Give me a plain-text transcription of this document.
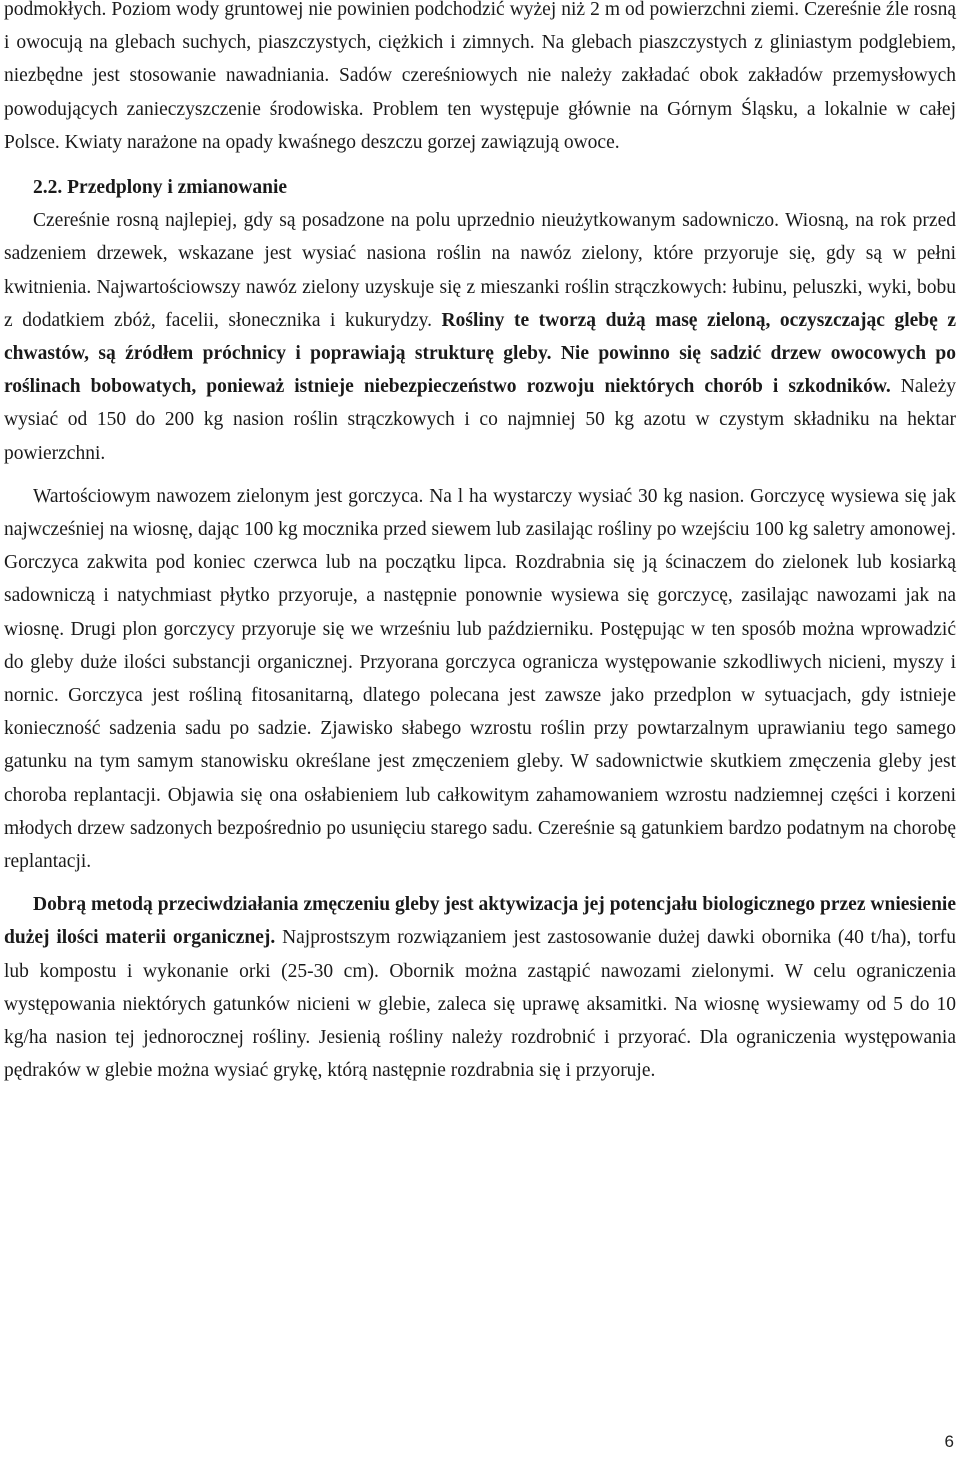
podmokłych. Poziom wody gruntowej nie powinien podchodzić wyżej niż 2 m od powierzchni ziemi. Czereśnie źle rosną i owocują na glebach suchych, piaszczystych, ciężkich i zimnych. Na glebach piaszczystych z gliniastym podglebiem, niezbędne jest stosowanie nawadniania. Sadów czereśniowych nie należy zakładać obok zakładów przemysłowych powodujących zanieczyszczenie środowiska. Problem ten występuje głównie na Górnym Śląsku, a lokalnie w całej Polsce. Kwiaty narażone na opady kwaśnego deszczu gorzej zawiązują owoce.

2.2. Przedplony i zmianowanie

Czereśnie rosną najlepiej, gdy są posadzone na polu uprzednio nieużytkowanym sadowniczo. Wiosną, na rok przed sadzeniem drzewek, wskazane jest wysiać nasiona roślin na nawóz zielony, które przyoruje się, gdy są w pełni kwitnienia. Najwartościowszy nawóz zielony uzyskuje się z mieszanki roślin strączkowych: łubinu, peluszki, wyki, bobu z dodatkiem zbóż, facelii, słonecznika i kukurydzy. Rośliny te tworzą dużą masę zieloną, oczyszczając glebę z chwastów, są źródłem próchnicy i poprawiają strukturę gleby. Nie powinno się sadzić drzew owocowych po roślinach bobowatych, ponieważ istnieje niebezpieczeństwo rozwoju niektórych chorób i szkodników. Należy wysiać od 150 do 200 kg nasion roślin strączkowych i co najmniej 50 kg azotu w czystym składniku na hektar powierzchni.

Wartościowym nawozem zielonym jest gorczyca. Na l ha wystarczy wysiać 30 kg nasion. Gorczycę wysiewa się jak najwcześniej na wiosnę, dając 100 kg mocznika przed siewem lub zasilając rośliny po wzejściu 100 kg saletry amonowej. Gorczyca zakwita pod koniec czerwca lub na początku lipca. Rozdrabnia się ją ścinaczem do zielonek lub kosiarką sadowniczą i natychmiast płytko przyoruje, a następnie ponownie wysiewa się gorczycę, zasilając nawozami jak na wiosnę. Drugi plon gorczycy przyoruje się we wrześniu lub październiku. Postępując w ten sposób można wprowadzić do gleby duże ilości substancji organicznej. Przyorana gorczyca ogranicza występowanie szkodliwych nicieni, myszy i nornic. Gorczyca jest rośliną fitosanitarną, dlatego polecana jest zawsze jako przedplon w sytuacjach, gdy istnieje konieczność sadzenia sadu po sadzie. Zjawisko słabego wzrostu roślin przy powtarzalnym uprawianiu tego samego gatunku na tym samym stanowisku określane jest zmęczeniem gleby. W sadownictwie skutkiem zmęczenia gleby jest choroba replantacji. Objawia się ona osłabieniem lub całkowitym zahamowaniem wzrostu nadziemnej części i korzeni młodych drzew sadzonych bezpośrednio po usunięciu starego sadu. Czereśnie są gatunkiem bardzo podatnym na chorobę replantacji.

Dobrą metodą przeciwdziałania zmęczeniu gleby jest aktywizacja jej potencjału biologicznego przez wniesienie dużej ilości materii organicznej. Najprostszym rozwiązaniem jest zastosowanie dużej dawki obornika (40 t/ha), torfu lub kompostu i wykonanie orki (25-30 cm). Obornik można zastąpić nawozami zielonymi. W celu ograniczenia występowania niektórych gatunków nicieni w glebie, zaleca się uprawę aksamitki. Na wiosnę wysiewamy od 5 do 10 kg/ha nasion tej jednorocznej rośliny. Jesienią rośliny należy rozdrobnić i przyorać. Dla ograniczenia występowania pędraków w glebie można wysiać grykę, którą następnie rozdrabnia się i przyoruje.

6
